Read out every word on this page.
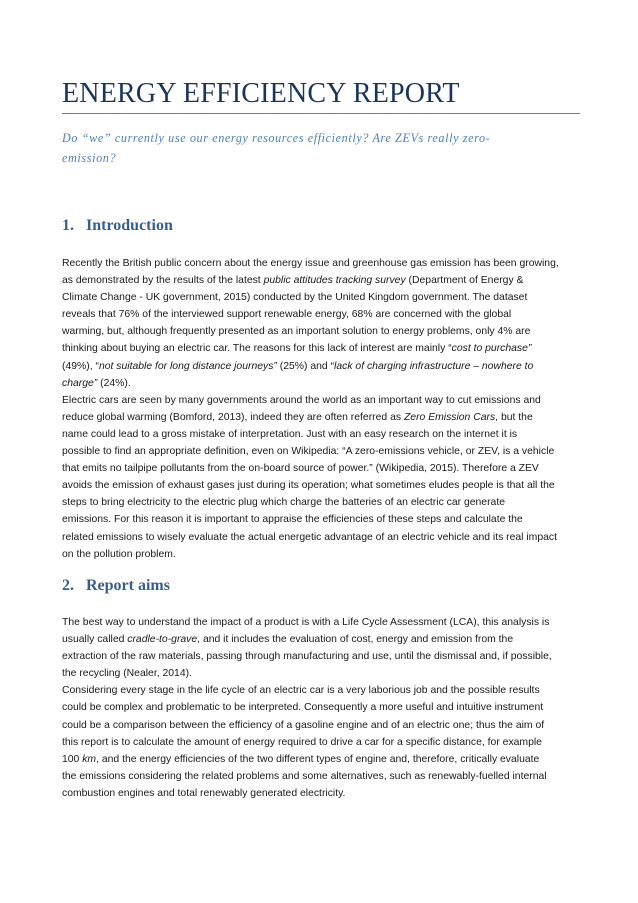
ENERGY EFFICIENCY REPORT
Do “we” currently use our energy resources efficiently? Are ZEVs really zero-
emission?
1. Introduction
Recently the British public concern about the energy issue and greenhouse gas emission has been growing,
as demonstrated by the results of the latest public attitudes tracking survey (Department of Energy &
Climate Change - UK government, 2015) conducted by the United Kingdom government. The dataset
reveals that 76% of the interviewed support renewable energy, 68% are concerned with the global
warming, but, although frequently presented as an important solution to energy problems, only 4% are
thinking about buying an electric car. The reasons for this lack of interest are mainly “cost to purchase”
(49%), “not suitable for long distance journeys” (25%) and “lack of charging infrastructure – nowhere to
charge” (24%).
Electric cars are seen by many governments around the world as an important way to cut emissions and
reduce global warming (Bomford, 2013), indeed they are often referred as Zero Emission Cars, but the
name could lead to a gross mistake of interpretation. Just with an easy research on the internet it is
possible to find an appropriate definition, even on Wikipedia: “A zero-emissions vehicle, or ZEV, is a vehicle
that emits no tailpipe pollutants from the on-board source of power.” (Wikipedia, 2015). Therefore a ZEV
avoids the emission of exhaust gases just during its operation; what sometimes eludes people is that all the
steps to bring electricity to the electric plug which charge the batteries of an electric car generate
emissions. For this reason it is important to appraise the efficiencies of these steps and calculate the
related emissions to wisely evaluate the actual energetic advantage of an electric vehicle and its real impact
on the pollution problem.
2. Report aims
The best way to understand the impact of a product is with a Life Cycle Assessment (LCA), this analysis is
usually called cradle-to-grave, and it includes the evaluation of cost, energy and emission from the
extraction of the raw materials, passing through manufacturing and use, until the dismissal and, if possible,
the recycling (Nealer, 2014).
Considering every stage in the life cycle of an electric car is a very laborious job and the possible results
could be complex and problematic to be interpreted. Consequently a more useful and intuitive instrument
could be a comparison between the efficiency of a gasoline engine and of an electric one; thus the aim of
this report is to calculate the amount of energy required to drive a car for a specific distance, for example
100 km, and the energy efficiencies of the two different types of engine and, therefore, critically evaluate
the emissions considering the related problems and some alternatives, such as renewably-fuelled internal
combustion engines and total renewably generated electricity.
